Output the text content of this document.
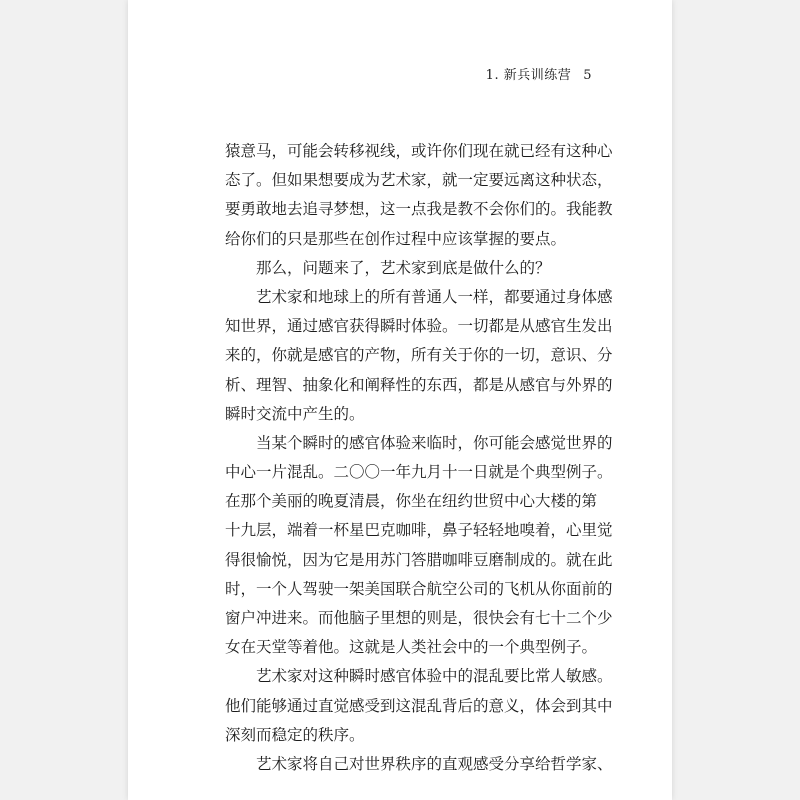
1. 新兵训练营 5
猿意马，可能会转移视线，或许你们现在就已经有这种心
态了。但如果想要成为艺术家，就一定要远离这种状态，
要勇敢地去追寻梦想，这一点我是教不会你们的。我能教
给你们的只是那些在创作过程中应该掌握的要点。
那么，问题来了，艺术家到底是做什么的？
艺术家和地球上的所有普通人一样，都要通过身体感
知世界，通过感官获得瞬时体验。一切都是从感官生发出
来的，你就是感官的产物，所有关于你的一切，意识、分
析、理智、抽象化和阐释性的东西，都是从感官与外界的
瞬时交流中产生的。
当某个瞬时的感官体验来临时，你可能会感觉世界的
中心一片混乱。二〇〇一年九月十一日就是个典型例子。
在那个美丽的晚夏清晨，你坐在纽约世贸中心大楼的第
十九层，端着一杯星巴克咖啡，鼻子轻轻地嗅着，心里觉
得很愉悦，因为它是用苏门答腊咖啡豆磨制成的。就在此
时，一个人驾驶一架美国联合航空公司的飞机从你面前的
窗户冲进来。而他脑子里想的则是，很快会有七十二个少
女在天堂等着他。这就是人类社会中的一个典型例子。
艺术家对这种瞬时感官体验中的混乱要比常人敏感。
他们能够通过直觉感受到这混乱背后的意义，体会到其中
深刻而稳定的秩序。
艺术家将自己对世界秩序的直观感受分享给哲学家、
